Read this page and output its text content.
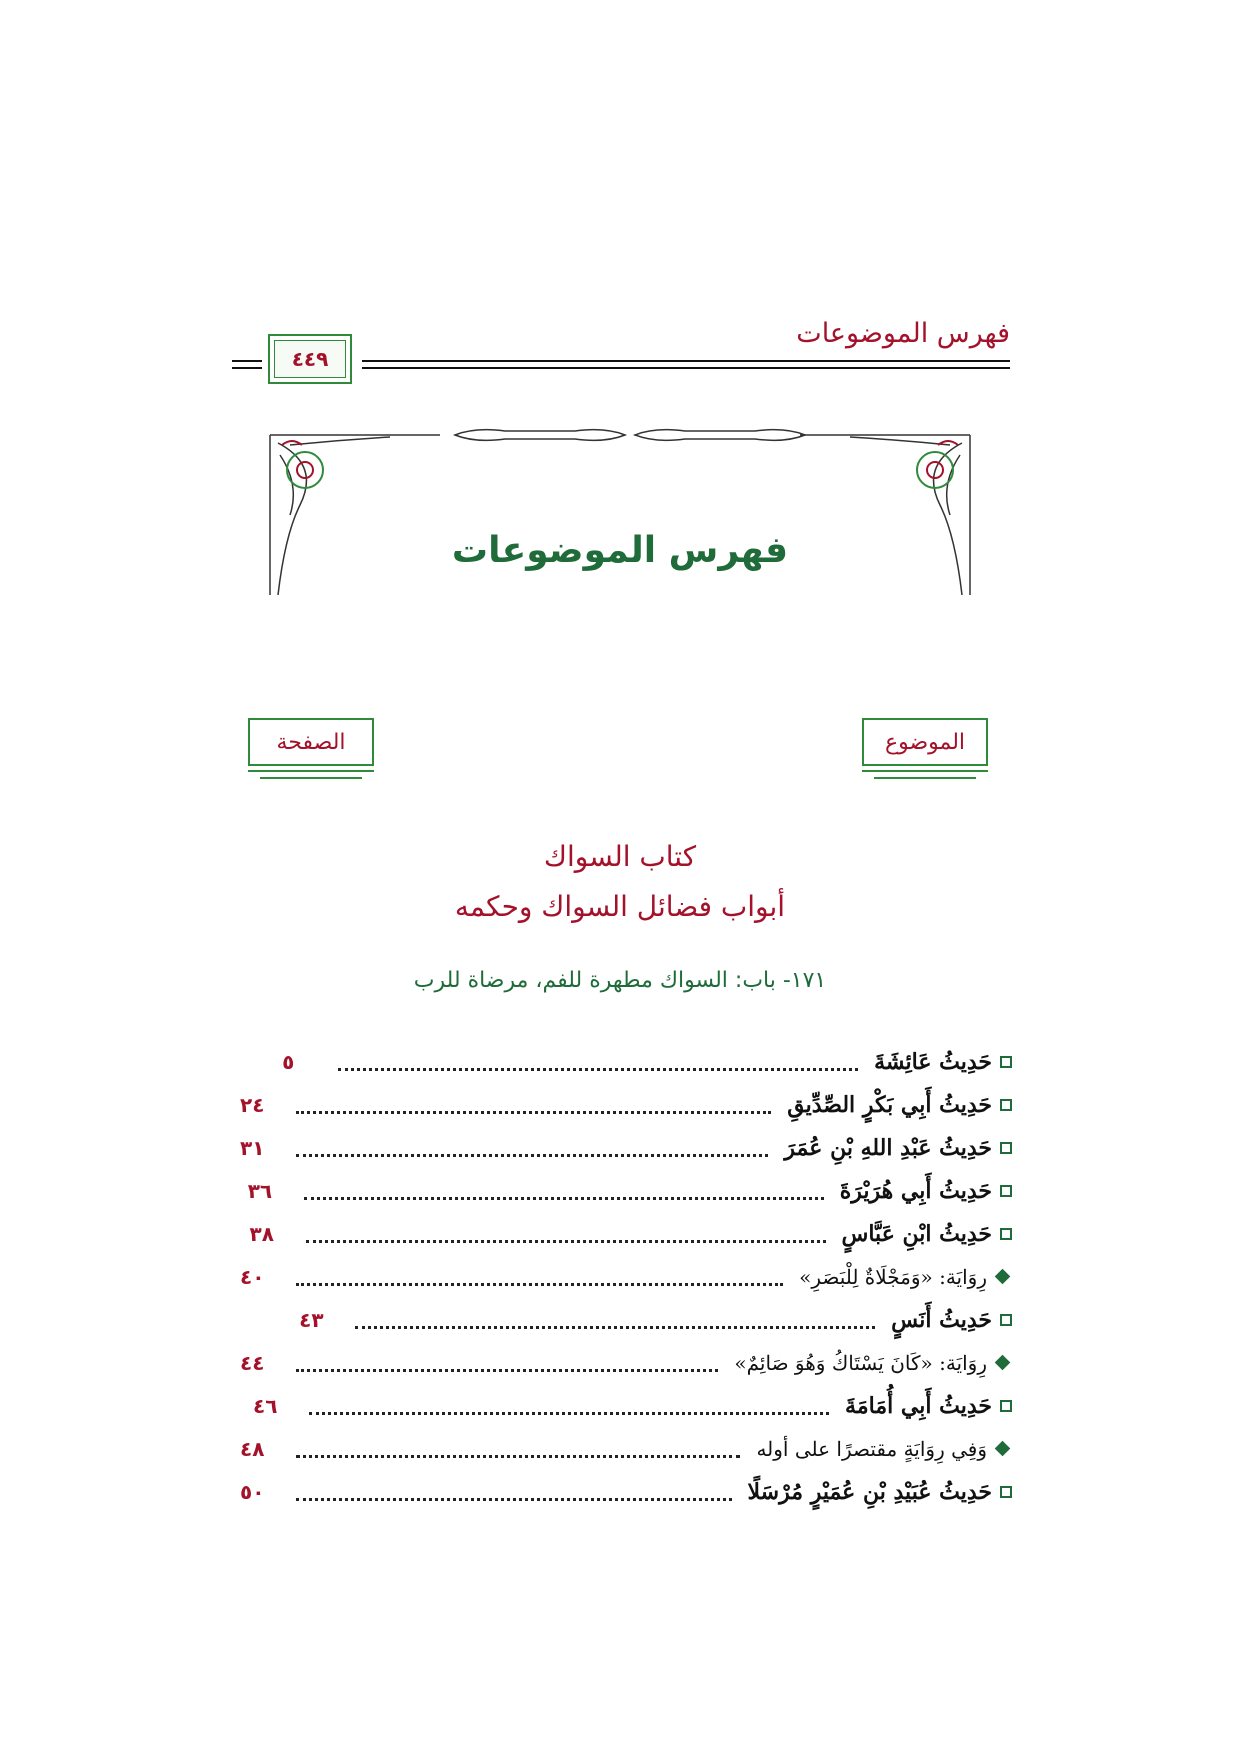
فهرس الموضوعات
٤٤٩
فهرس الموضوعات
الموضوع
الصفحة
كتاب السواك
أبواب فضائل السواك وحكمه
١٧١- باب: السواك مطهرة للفم، مرضاة للرب
حَدِيثُ عَائِشَةَ
٥
حَدِيثُ أَبِي بَكْرٍ الصِّدِّيقِ
٢٤
حَدِيثُ عَبْدِ اللهِ بْنِ عُمَرَ
٣١
حَدِيثُ أَبِي هُرَيْرَةَ
٣٦
حَدِيثُ ابْنِ عَبَّاسٍ
٣٨
رِوَايَة: «وَمَجْلَاةٌ لِلْبَصَرِ»
٤٠
حَدِيثُ أَنَسٍ
٤٣
رِوَايَة: «كَانَ يَسْتَاكُ وَهُوَ صَائِمٌ»
٤٤
حَدِيثُ أَبِي أُمَامَةَ
٤٦
وَفِي رِوَايَةٍ مقتصرًا على أوله
٤٨
حَدِيثُ عُبَيْدِ بْنِ عُمَيْرٍ مُرْسَلًا
٥٠
